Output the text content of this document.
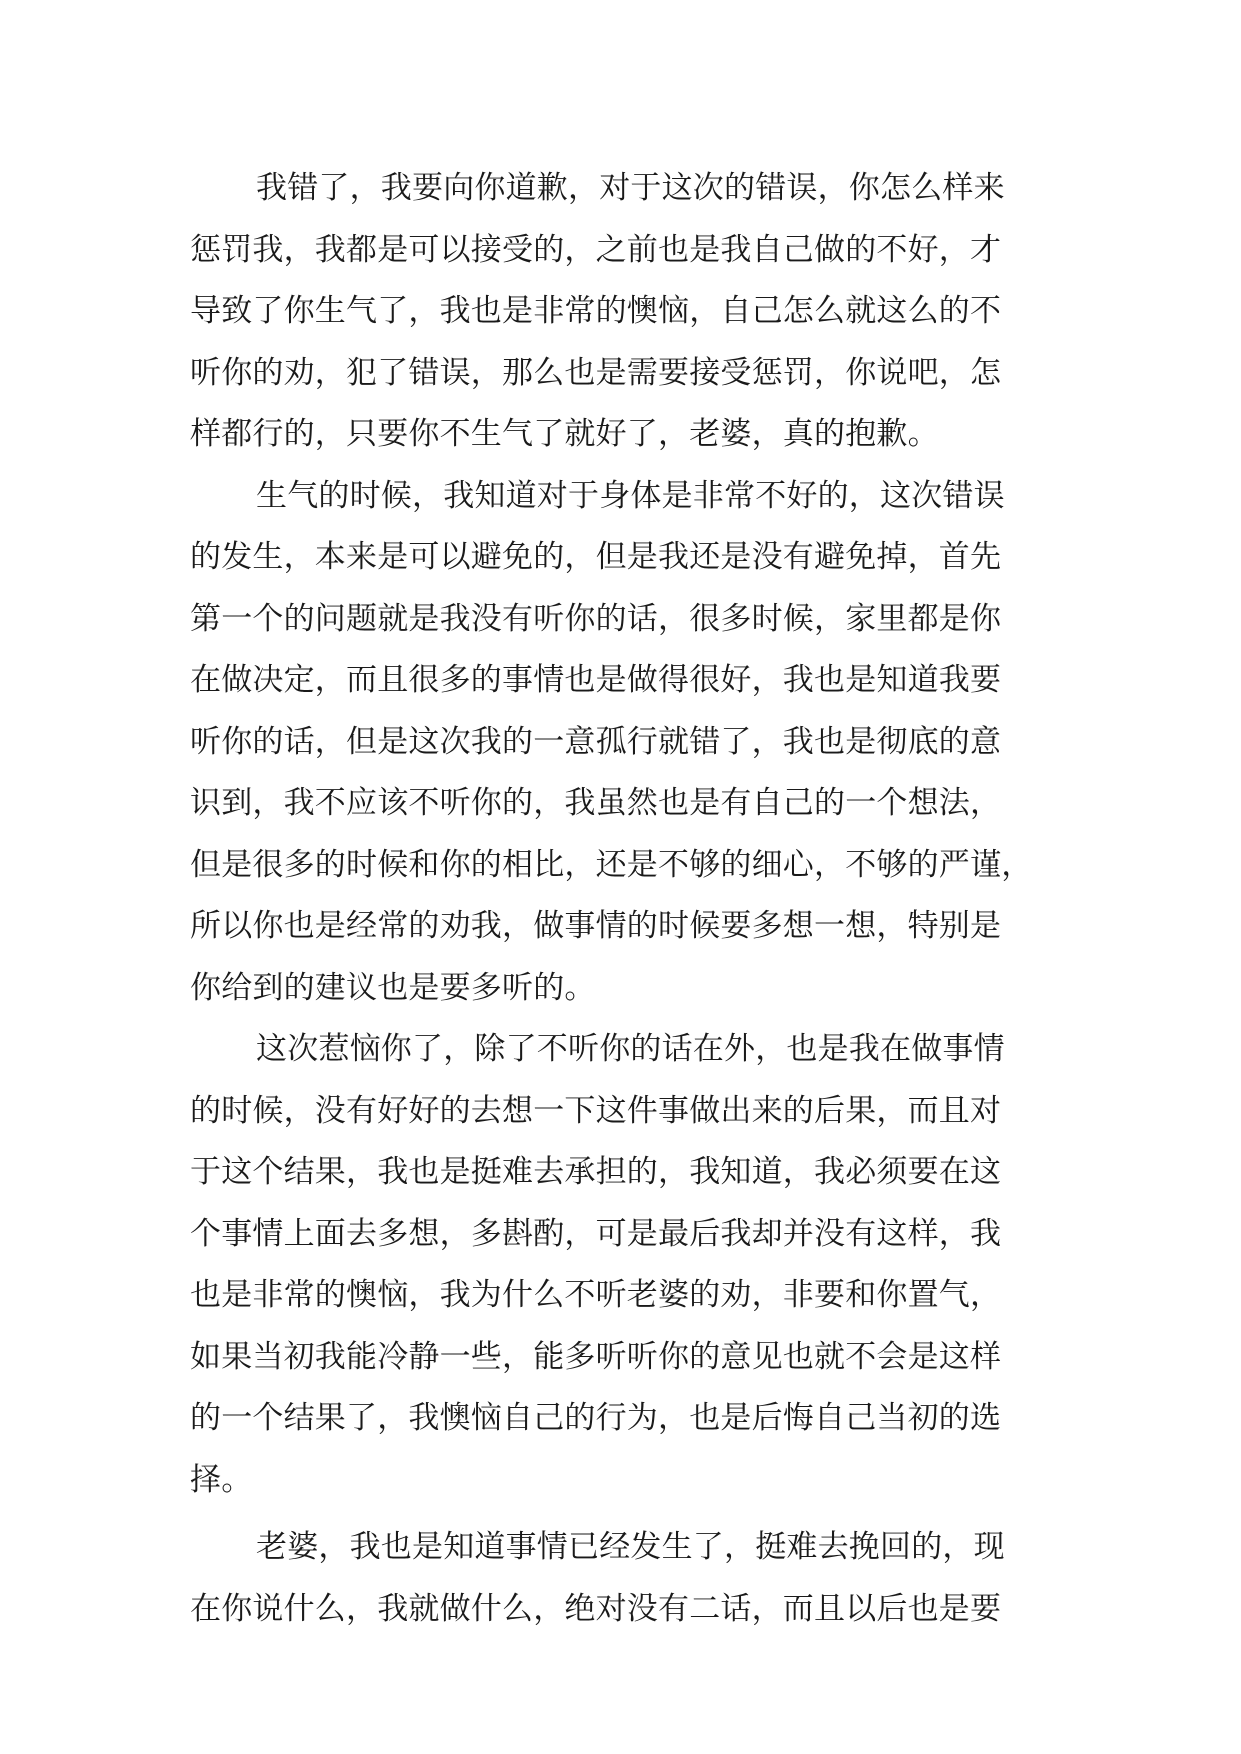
我错了，我要向你道歉，对于这次的错误，你怎么样来
惩罚我，我都是可以接受的，之前也是我自己做的不好，才
导致了你生气了，我也是非常的懊恼，自己怎么就这么的不
听你的劝，犯了错误，那么也是需要接受惩罚，你说吧，怎
样都行的，只要你不生气了就好了，老婆，真的抱歉。
生气的时候，我知道对于身体是非常不好的，这次错误
的发生，本来是可以避免的，但是我还是没有避免掉，首先
第一个的问题就是我没有听你的话，很多时候，家里都是你
在做决定，而且很多的事情也是做得很好，我也是知道我要
听你的话，但是这次我的一意孤行就错了，我也是彻底的意
识到，我不应该不听你的，我虽然也是有自己的一个想法，
但是很多的时候和你的相比，还是不够的细心，不够的严谨，
所以你也是经常的劝我，做事情的时候要多想一想，特别是
你给到的建议也是要多听的。
这次惹恼你了，除了不听你的话在外，也是我在做事情
的时候，没有好好的去想一下这件事做出来的后果，而且对
于这个结果，我也是挺难去承担的，我知道，我必须要在这
个事情上面去多想，多斟酌，可是最后我却并没有这样，我
也是非常的懊恼，我为什么不听老婆的劝，非要和你置气，
如果当初我能冷静一些，能多听听你的意见也就不会是这样
的一个结果了，我懊恼自己的行为，也是后悔自己当初的选
择。
老婆，我也是知道事情已经发生了，挺难去挽回的，现
在你说什么，我就做什么，绝对没有二话，而且以后也是要
